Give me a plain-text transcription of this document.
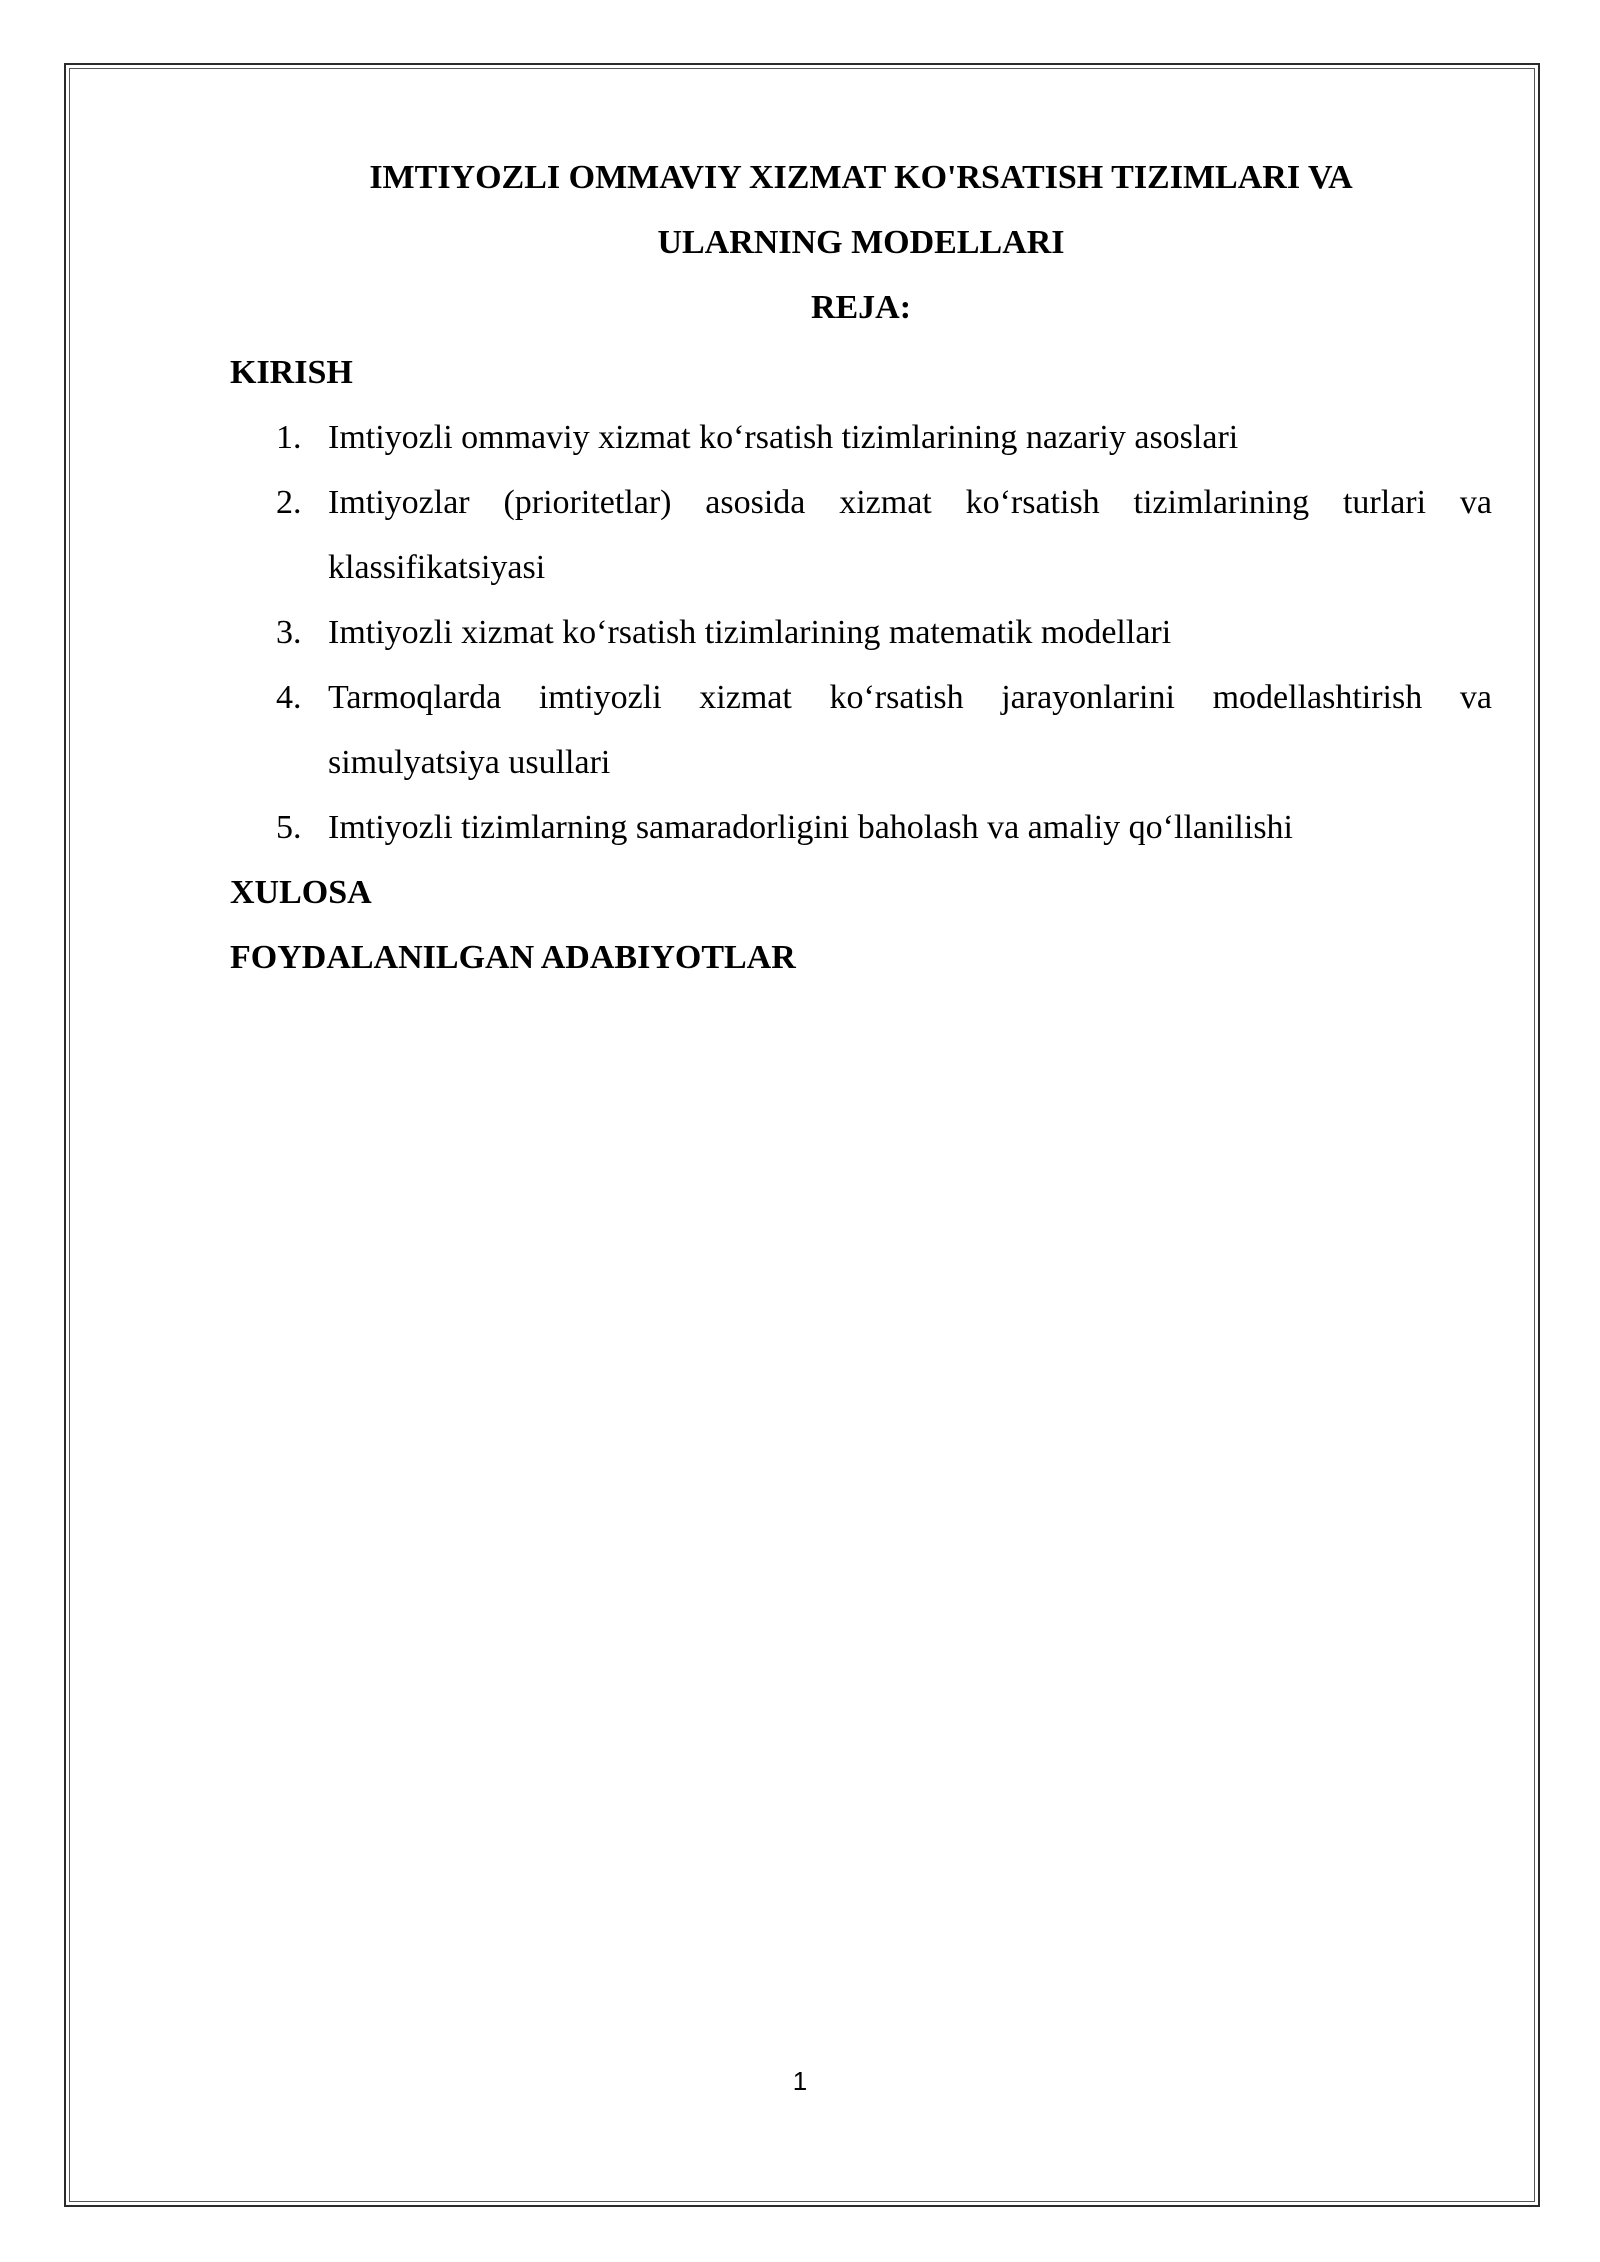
IMTIYOZLI OMMAVIY XIZMAT KO'RSATISH TIZIMLARI VA

ULARNING MODELLARI

REJA:

KIRISH

1. Imtiyozli ommaviy xizmat ko‘rsatish tizimlarining nazariy asoslari
2. Imtiyozlar (prioritetlar) asosida xizmat ko‘rsatish tizimlarining turlari va klassifikatsiyasi
3. Imtiyozli xizmat ko‘rsatish tizimlarining matematik modellari
4. Tarmoqlarda imtiyozli xizmat ko‘rsatish jarayonlarini modellashtirish va simulyatsiya usullari
5. Imtiyozli tizimlarning samaradorligini baholash va amaliy qo‘llanilishi

XULOSA

FOYDALANILGAN ADABIYOTLAR

1
